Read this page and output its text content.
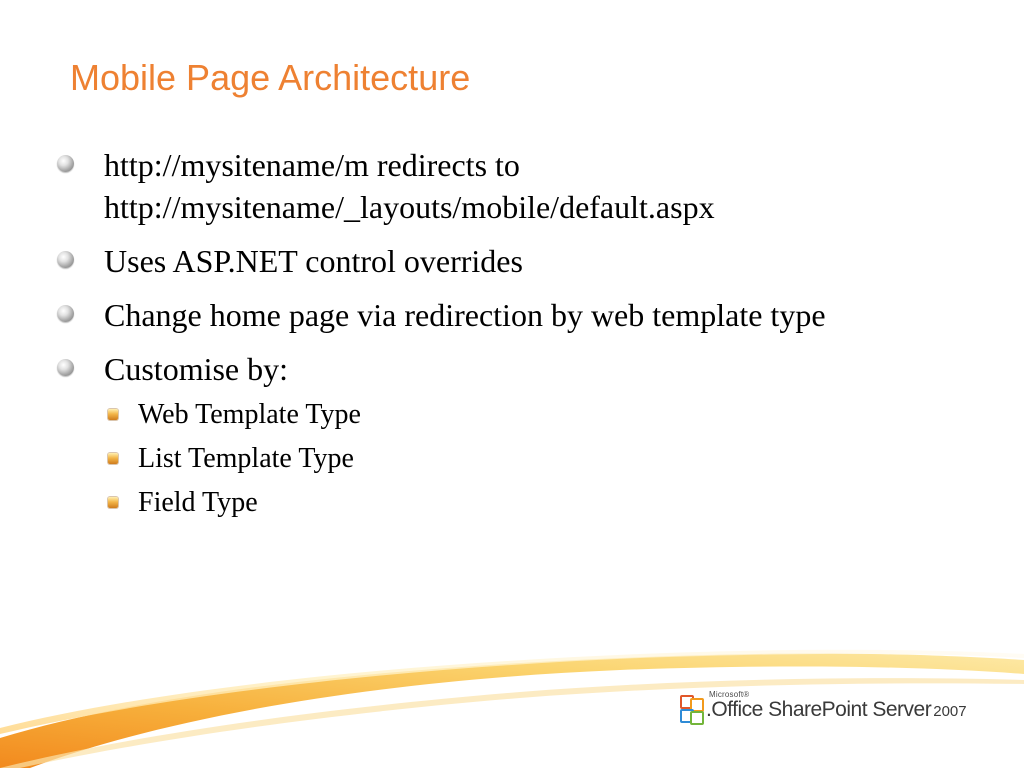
Mobile Page Architecture
http://mysitename/m redirects to http://mysitename/_layouts/mobile/default.aspx
Uses ASP.NET control overrides
Change home page via redirection by web template type
Customise by:
Web Template Type
List Template Type
Field Type
Microsoft®
.Office SharePoint Server 2007
